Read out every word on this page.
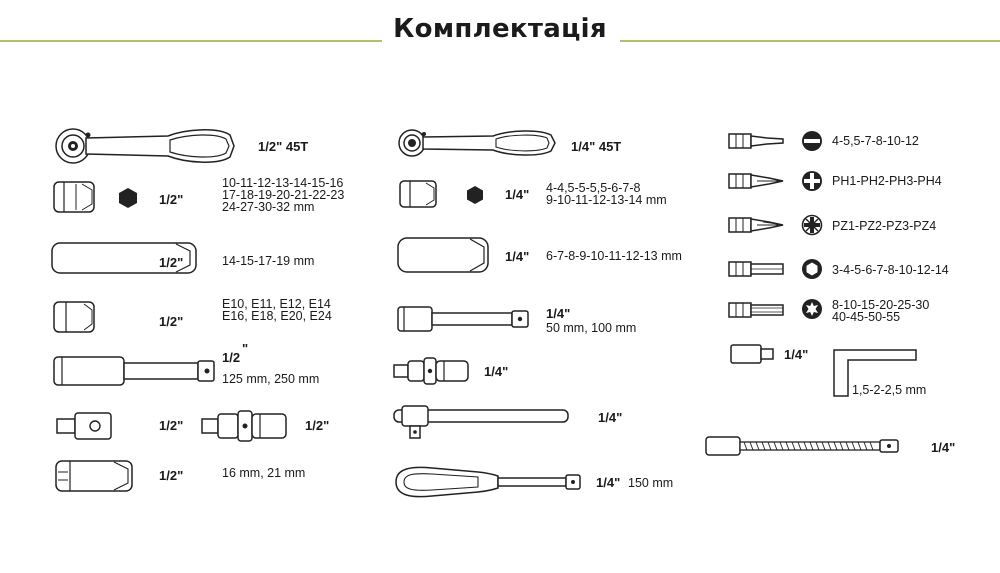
Комплектація
1/2" 45T
1/2"
10-11-12-13-14-15-16
17-18-19-20-21-22-23
24-27-30-32 mm
1/2"	14-15-17-19 mm
1/2"
E10, E11, E12, E14
E16, E18, E20, E24
1/2
"
125 mm, 250 mm
1/2"	1/2"
1/2"	16 mm, 21 mm
1/4" 45T
1/4" 4-4,5-5-5,5-6-7-8
9-10-11-12-13-14 mm
1/4" 6-7-8-9-10-11-12-13 mm
1/4"
50 mm, 100 mm
1/4"
1/4"
1/4" 150 mm
4-5,5-7-8-10-12
PH1-PH2-PH3-PH4
PZ1-PZ2-PZ3-PZ4
3-4-5-6-7-8-10-12-14
8-10-15-20-25-30
40-45-50-55
1/4"
1,5-2-2,5 mm
1/4"
